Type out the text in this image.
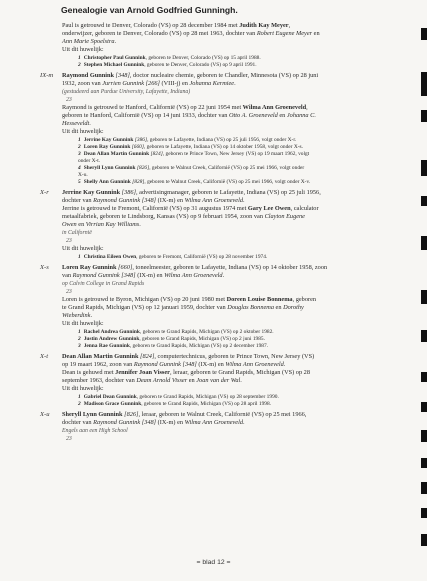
Genealogie van Arnold Godfried Gunningh.
Paul is getrouwd te Denver, Colorado (VS) op 28 december 1984 met Judith Kay Meyer,
onderwijzer, geboren te Denver, Colorado (VS) op 28 mei 1963, dochter van Robert Eugene Meyer en
Ann Marie Spoelstra.
Uit dit huwelijk:
1 Christopher Paul Gunnink, geboren te Denver, Colorado (VS) op 15 april 1988.
2 Stephen Michael Gunnink, geboren te Denver, Colorado (VS) op 9 april 1991.
IX-m Raymond Gunnink [348], doctor nucleaire chemie, geboren te Chandler, Minnesota (VS) op 28 juni
1932, zoon van Jurrien Gunnink [266] (VIII-j) en Johanna Kermiee.
(gestudeerd aan Purdue University, Lafayette, Indiana)
23
Raymond is getrouwd te Hanford, Californië (VS) op 22 juni 1954 met Wilma Ann Groeneveld,
geboren te Hanford, Californië (VS) op 14 juni 1933, dochter van Otto A. Groeneveld en Johanna C.
Hesseveldt.
Uit dit huwelijk:
1 Jerrine Kay Gunnink [386], geboren te Lafayette, Indiana (VS) op 25 juli 1956, volgt onder X-r.
2 Loren Ray Gunnink [660], geboren te Lafayette, Indiana (VS) op 14 oktober 1958, volgt onder X-s.
3 Dean Allan Martin Gunnink [824], geboren te Prince Town, New Jersey (VS) op 19 maart 1962, volgt
onder X-t.
4 Sheryll Lynn Gunnink [826], geboren te Walnut Creek, Californië (VS) op 25 mei 1966, volgt onder
X-u.
5 Shelly Ann Gunnink [828], geboren te Walnut Creek, Californië (VS) op 25 mei 1966, volgt onder X-v.
X-r Jerrine Kay Gunnink [386], advertisingmanager, geboren te Lafayette, Indiana (VS) op 25 juli 1956,
dochter van Raymond Gunnink [348] (IX-m) en Wilma Ann Groeneveld.
Jerrine is getrouwd te Fremont, Californië (VS) op 31 augustus 1974 met Gary Lee Owen, calculator
metaalfabriek, geboren te Lindsborg, Kansas (VS) op 9 februari 1954, zoon van Clayton Eugene
Owen en Virrian Kay Williams.
in Californië
23
Uit dit huwelijk:
1 Christina Eileen Owen, geboren te Fremont, Californië (VS) op 28 november 1974.
X-s Loren Ray Gunnink [660], toneelmeester, geboren te Lafayette, Indiana (VS) op 14 oktober 1958, zoon
van Raymond Gunnink [348] (IX-m) en Wilma Ann Groeneveld.
op Calvin College in Grand Rapids
23
Loren is getrouwd te Byron, Michigan (VS) op 20 juni 1980 met Doreen Louise Bonnema, geboren
te Grand Rapids, Michigan (VS) op 12 januari 1959, dochter van Douglas Bonnema en Dorothy
Wieberdink.
Uit dit huwelijk:
1 Rachel Andrea Gunnink, geboren te Grand Rapids, Michigan (VS) op 2 oktober 1982.
2 Justin Andrew Gunnink, geboren te Grand Rapids, Michigan (VS) op 2 juni 1985.
3 Jenna Rae Gunnink, geboren te Grand Rapids, Michigan (VS) op 2 december 1987.
X-t Dean Allan Martin Gunnink [824], computertechnicus, geboren te Prince Town, New Jersey (VS)
op 19 maart 1962, zoon van Raymond Gunnink [348] (IX-m) en Wilma Ann Groeneveld.
Dean is gehuwd met Jennifer Joan Visser, leraar, geboren te Grand Rapids, Michigan (VS) op 28
september 1963, dochter van Deam Arnold Visser en Joan van der Wal.
Uit dit huwelijk:
1 Gabriel Dean Gunnink, geboren te Grand Rapids, Michigan (VS) op 28 september 1990.
2 Madison Grace Gunnink, geboren te Grand Rapids, Michigan (VS) op 28 april 1998.
X-u Sheryll Lynn Gunnink [826], leraar, geboren te Walnut Creek, Californië (VS) op 25 mei 1966,
dochter van Raymond Gunnink [348] (IX-m) en Wilma Ann Groeneveld.
Engels aan een High School
23
= blad 12 =
